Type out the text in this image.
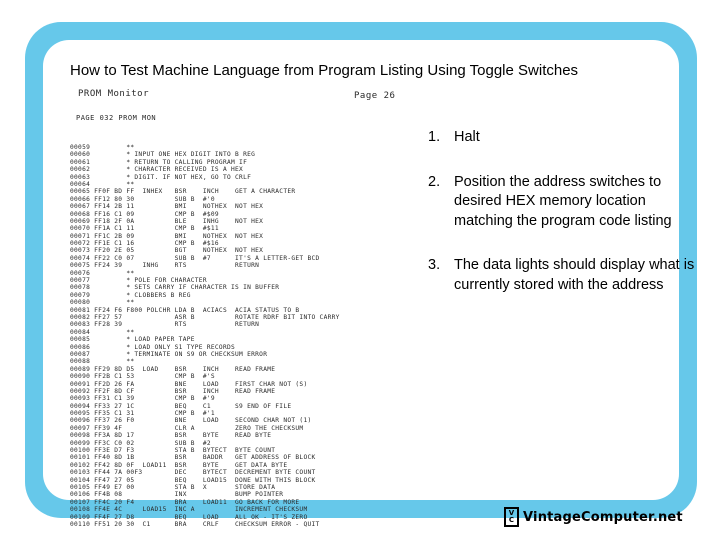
How to Test Machine Language from Program Listing Using Toggle Switches
PROM Monitor	Page 26
PAGE 032 PROM MON
00059         **
00060         * INPUT ONE HEX DIGIT INTO B REG
00061         * RETURN TO CALLING PROGRAM IF
00062         * CHARACTER RECEIVED IS A HEX
00063         * DIGIT. IF NOT HEX, GO TO CRLF
00064         **
00065 FF0F BD FF  INHEX   BSR    INCH    GET A CHARACTER
00066 FF12 80 30          SUB B  #'0
00067 FF14 2B 11          BMI    NOTHEX  NOT HEX
00068 FF16 C1 09          CMP B  #$09
00069 FF18 2F 0A          BLE    INHG    NOT HEX
00070 FF1A C1 11          CMP B  #$11
00071 FF1C 2B 09          BMI    NOTHEX  NOT HEX
00072 FF1E C1 16          CMP B  #$16
00073 FF20 2E 05          BGT    NOTHEX  NOT HEX
00074 FF22 C0 07          SUB B  #7      IT'S A LETTER-GET BCD
00075 FF24 39     INHG    RTS            RETURN
00076         **
00077         * POLE FOR CHARACTER
00078         * SETS CARRY IF CHARACTER IS IN BUFFER
00079         * CLOBBERS B REG
00080         **
00081 FF24 F6 F800 POLCHR LDA B  ACIACS  ACIA STATUS TO B
00082 FF27 57             ASR B          ROTATE RDRF BIT INTO CARRY
00083 FF28 39             RTS            RETURN
00084         **
00085         * LOAD PAPER TAPE
00086         * LOAD ONLY S1 TYPE RECORDS
00087         * TERMINATE ON S9 OR CHECKSUM ERROR
00088         **
00089 FF29 8D D5  LOAD    BSR    INCH    READ FRAME
00090 FF2B C1 53          CMP B  #'S
00091 FF2D 26 FA          BNE    LOAD    FIRST CHAR NOT (S)
00092 FF2F 8D CF          BSR    INCH    READ FRAME
00093 FF31 C1 39          CMP B  #'9
00094 FF33 27 1C          BEQ    C1      S9 END OF FILE
00095 FF35 C1 31          CMP B  #'1
00096 FF37 26 F0          BNE    LOAD    SECOND CHAR NOT (1)
00097 FF39 4F             CLR A          ZERO THE CHECKSUM
00098 FF3A 8D 17          BSR    BYTE    READ BYTE
00099 FF3C C0 02          SUB B  #2
00100 FF3E D7 F3          STA B  BYTECT  BYTE COUNT
00101 FF40 8D 1B          BSR    BADDR   GET ADDRESS OF BLOCK
00102 FF42 8D 0F  LOAD11  BSR    BYTE    GET DATA BYTE
00103 FF44 7A 00F3        DEC    BYTECT  DECREMENT BYTE COUNT
00104 FF47 27 05          BEQ    LOAD15  DONE WITH THIS BLOCK
00105 FF49 E7 00          STA B  X       STORE DATA
00106 FF4B 08             INX            BUMP POINTER
00107 FF4C 20 F4          BRA    LOAD11  GO BACK FOR MORE
00108 FF4E 4C     LOAD15  INC A          INCREMENT CHECKSUM
00109 FF4F 27 D8          BEQ    LOAD    ALL OK - IT'S ZERO
00110 FF51 20 30  C1      BRA    CRLF    CHECKSUM ERROR - QUIT
1. Halt
2. Position the address switches to desired HEX memory location matching the program code listing
3. The data lights should display what is currently stored with the address
V
C VintageComputer.net
